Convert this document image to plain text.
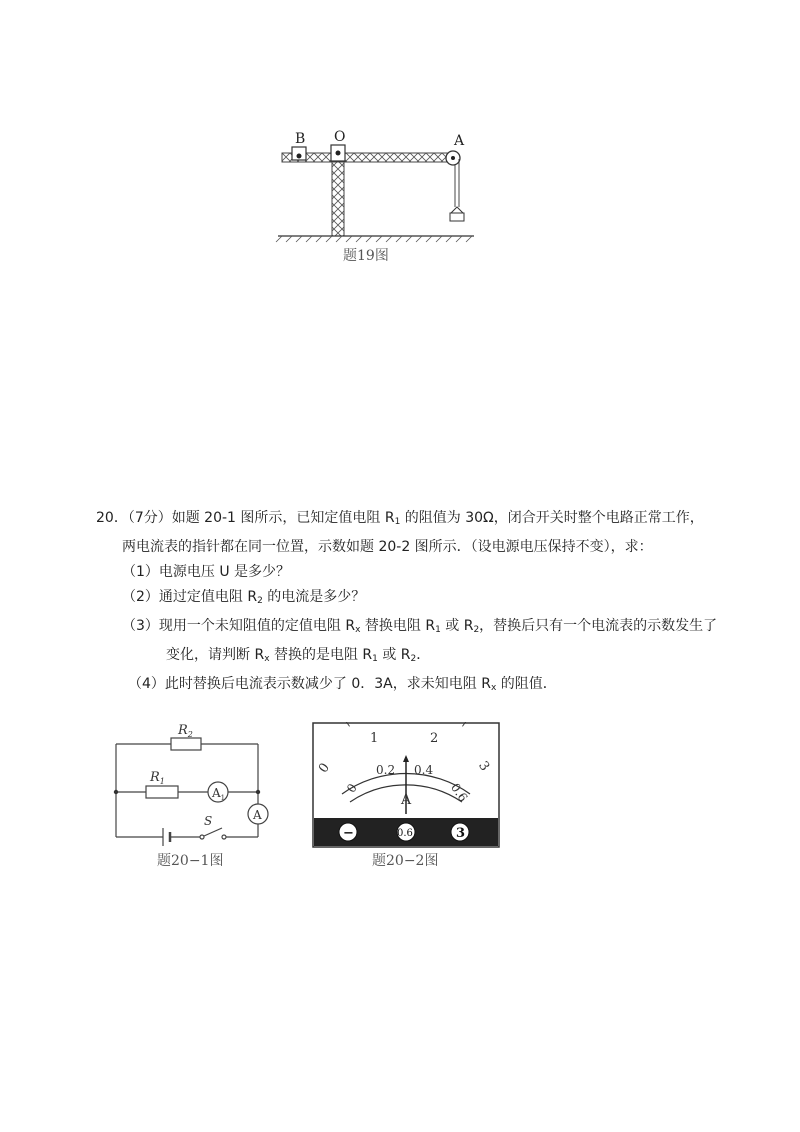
B O	A
题19图
20．（7分）如题 20-1 图所示，已知定值电阻 $R_1$ 的阻值为 30Ω，闭合开关时整个电路正常工作，
两电流表的指针都在同一位置，示数如题 20-2 图所示．（设电源电压保持不变），求：
（1）电源电压 U 是多少？
（2）通过定值电阻 $R_2$ 的电流是多少？
（3）现用一个未知阻值的定值电阻 $R_x$ 替换电阻 $R_1$ 或 $R_2$，替换后只有一个电流表的示数发生了
变化，请判断 $R_x$ 替换的是电阻 $R_1$ 或 $R_2$．
（4）此时替换后电流表示数减少了 0．3A，求未知电阻 $R_x$ 的阻值．
$R_2$
$R_1$
$A_1$
A
S
题20−1图
0
1	2
3
0
0.2 0.4
0.6
A
−	0.6	3
题20−2图
